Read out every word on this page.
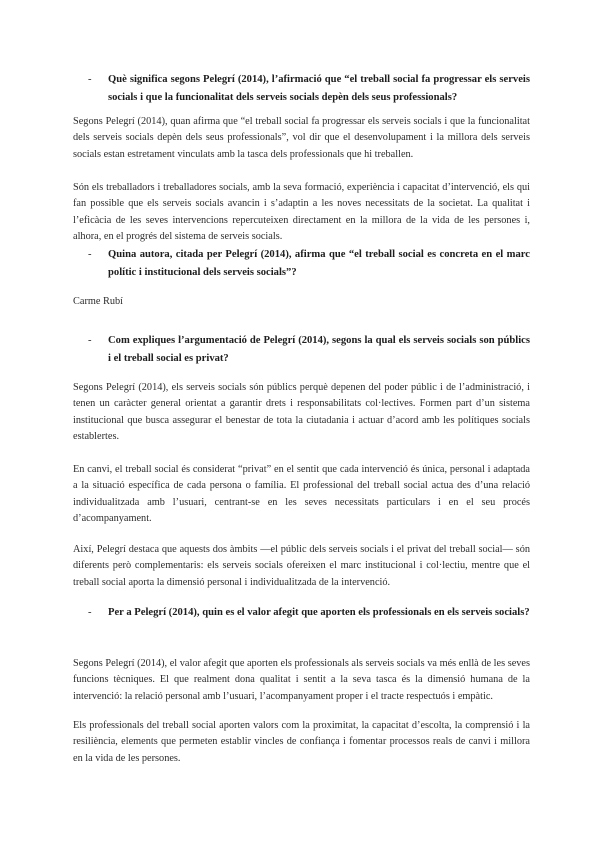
- Què significa segons Pelegrí (2014), l’afirmació que “el treball social fa progressar els serveis socials i que la funcionalitat dels serveis socials depèn dels seus professionals?
Segons Pelegrí (2014), quan afirma que “el treball social fa progressar els serveis socials i que la funcionalitat dels serveis socials depèn dels seus professionals”, vol dir que el desenvolupament i la millora dels serveis socials estan estretament vinculats amb la tasca dels professionals que hi treballen.
Són els treballadors i treballadores socials, amb la seva formació, experiència i capacitat d’intervenció, els qui fan possible que els serveis socials avancin i s’adaptin a les noves necessitats de la societat. La qualitat i l’eficàcia de les seves intervencions repercuteixen directament en la millora de la vida de les persones i, alhora, en el progrés del sistema de serveis socials.
- Quina autora, citada per Pelegrí (2014), afirma que “el treball social es concreta en el marc polític i institucional dels serveis socials”?
Carme Rubí
- Com expliques l’argumentació de Pelegrí (2014), segons la qual els serveis socials son públics i el treball social es privat?
Segons Pelegrí (2014), els serveis socials són públics perquè depenen del poder públic i de l’administració, i tenen un caràcter general orientat a garantir drets i responsabilitats col·lectives. Formen part d’un sistema institucional que busca assegurar el benestar de tota la ciutadania i actuar d’acord amb les polítiques socials establertes.
En canvi, el treball social és considerat “privat” en el sentit que cada intervenció és única, personal i adaptada a la situació específica de cada persona o família. El professional del treball social actua des d’una relació individualitzada amb l’usuari, centrant-se en les seves necessitats particulars i en el seu procés d’acompanyament.
Així, Pelegrí destaca que aquests dos àmbits —el públic dels serveis socials i el privat del treball social— són diferents però complementaris: els serveis socials ofereixen el marc institucional i col·lectiu, mentre que el treball social aporta la dimensió personal i individualitzada de la intervenció.
- Per a Pelegrí (2014), quin es el valor afegit que aporten els professionals en els serveis socials?
Segons Pelegrí (2014), el valor afegit que aporten els professionals als serveis socials va més enllà de les seves funcions tècniques. El que realment dona qualitat i sentit a la seva tasca és la dimensió humana de la intervenció: la relació personal amb l’usuari, l’acompanyament proper i el tracte respectuós i empàtic.
Els professionals del treball social aporten valors com la proximitat, la capacitat d’escolta, la comprensió i la resiliència, elements que permeten establir vincles de confiança i fomentar processos reals de canvi i millora en la vida de les persones.
